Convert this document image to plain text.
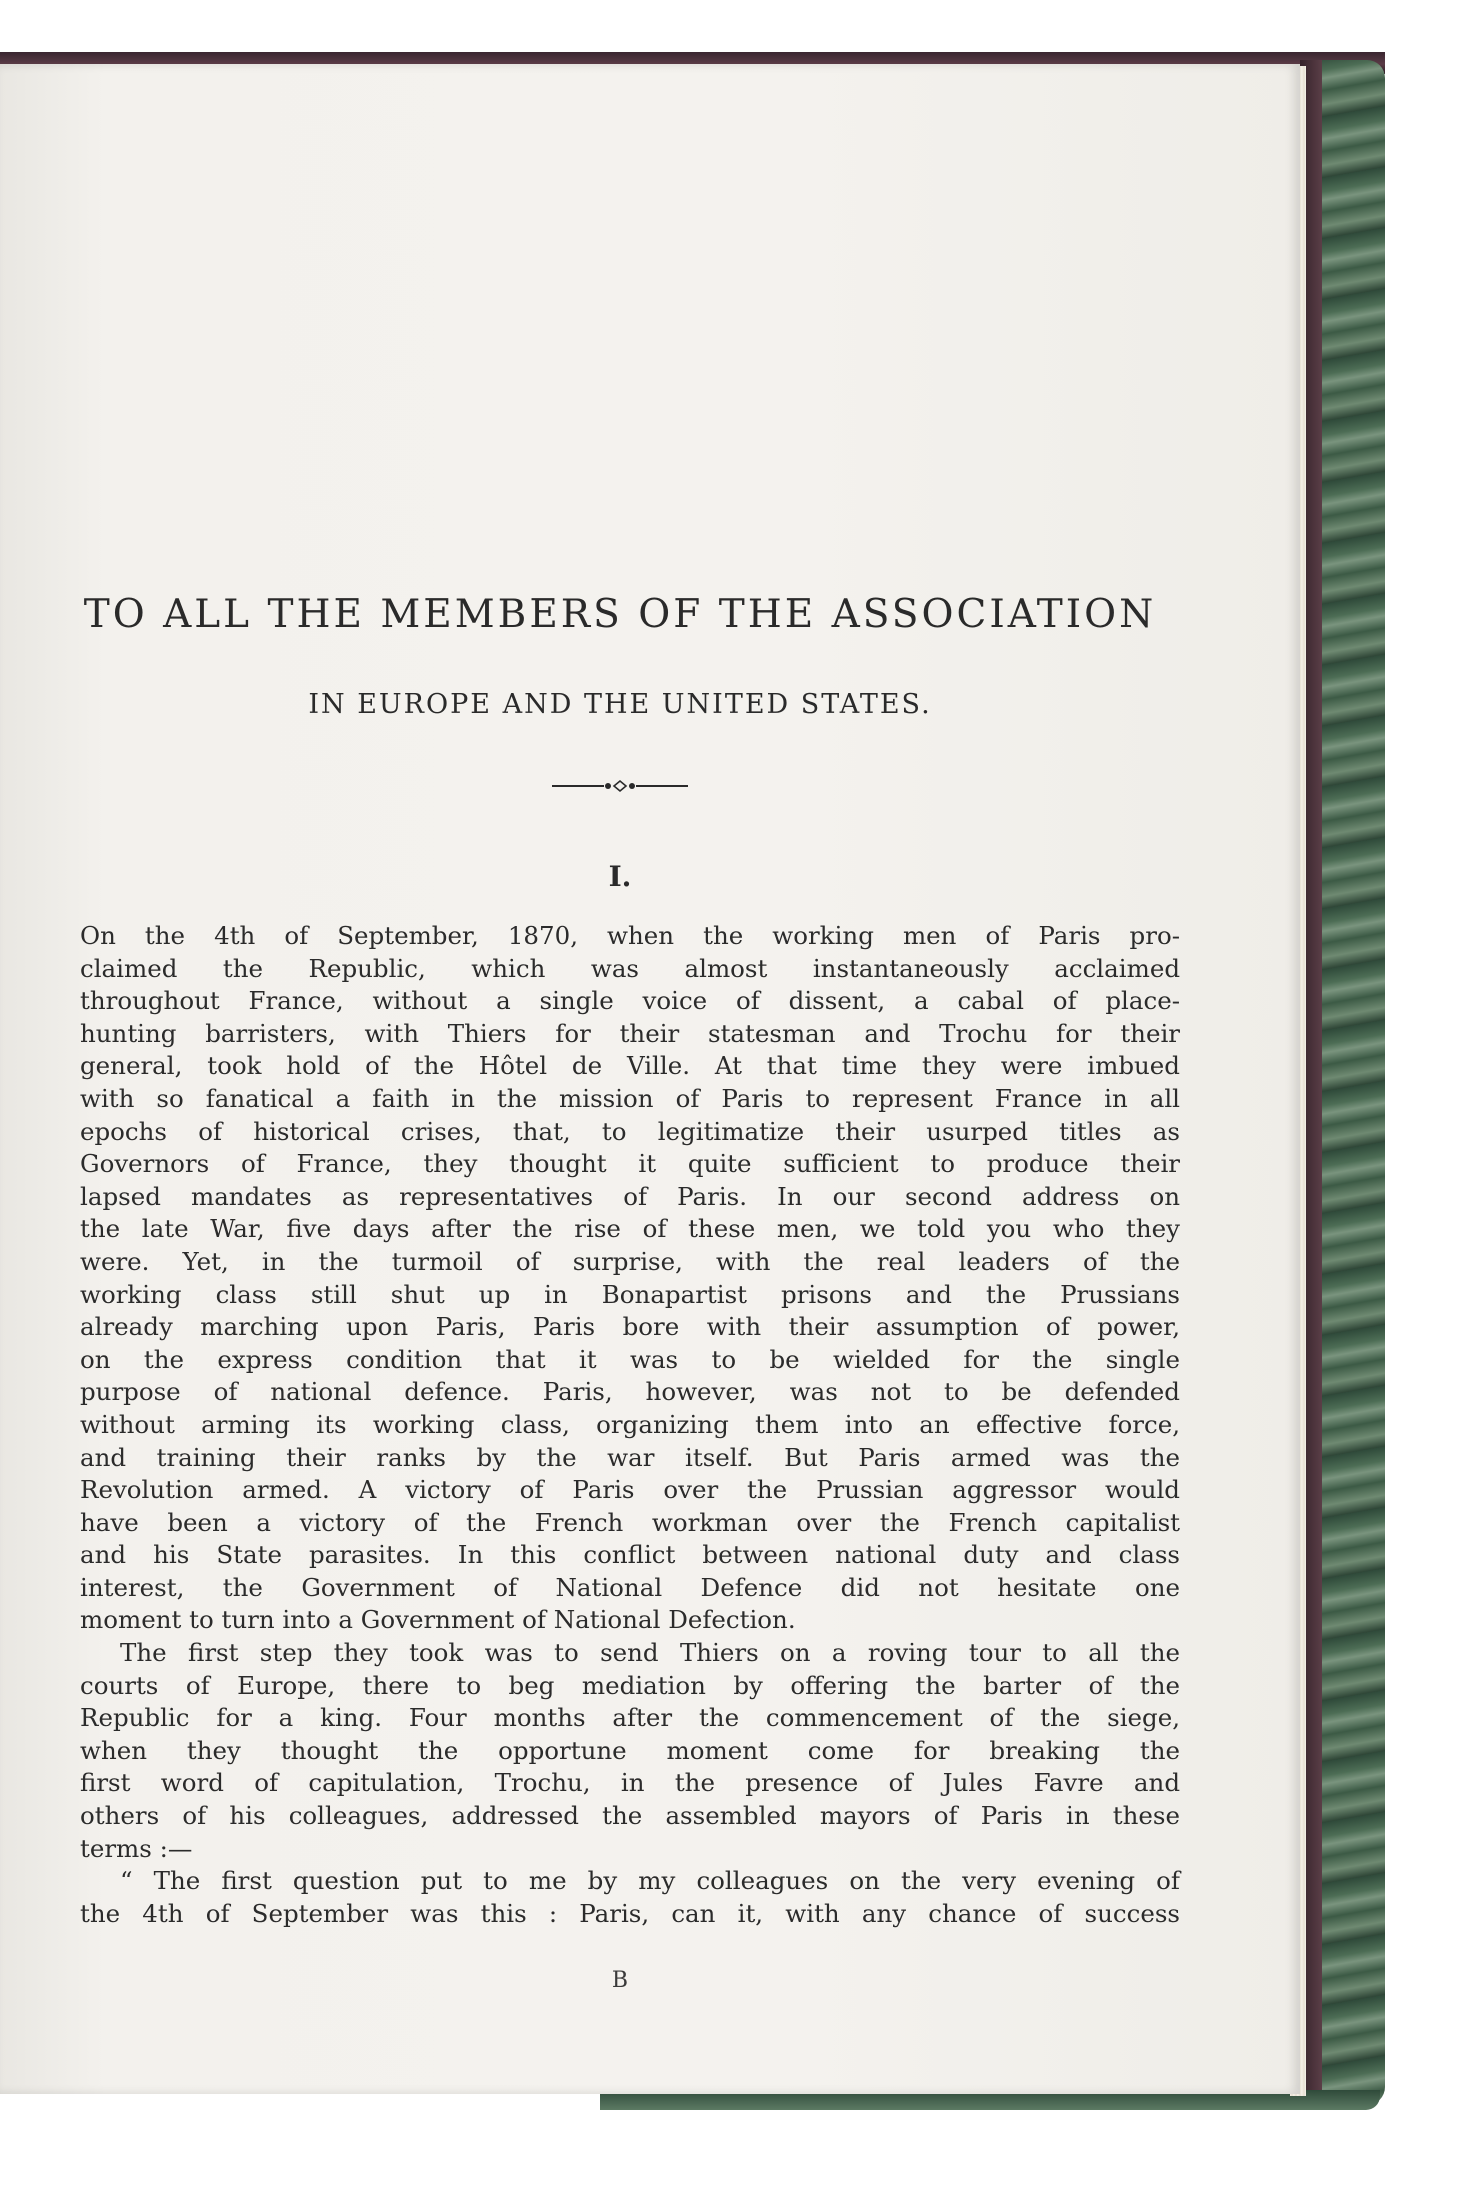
TO ALL THE MEMBERS OF THE ASSOCIATION
IN EUROPE AND THE UNITED STATES.
I.
On the 4th of September, 1870, when the working men of Paris pro-
claimed the Republic, which was almost instantaneously acclaimed
throughout France, without a single voice of dissent, a cabal of place-
hunting barristers, with Thiers for their statesman and Trochu for their
general, took hold of the Hôtel de Ville. At that time they were imbued
with so fanatical a faith in the mission of Paris to represent France in all
epochs of historical crises, that, to legitimatize their usurped titles as
Governors of France, they thought it quite sufficient to produce their
lapsed mandates as representatives of Paris. In our second address on
the late War, five days after the rise of these men, we told you who they
were. Yet, in the turmoil of surprise, with the real leaders of the
working class still shut up in Bonapartist prisons and the Prussians
already marching upon Paris, Paris bore with their assumption of power,
on the express condition that it was to be wielded for the single
purpose of national defence. Paris, however, was not to be defended
without arming its working class, organizing them into an effective force,
and training their ranks by the war itself. But Paris armed was the
Revolution armed. A victory of Paris over the Prussian aggressor would
have been a victory of the French workman over the French capitalist
and his State parasites. In this conflict between national duty and class
interest, the Government of National Defence did not hesitate one
moment to turn into a Government of National Defection.
The first step they took was to send Thiers on a roving tour to all the
courts of Europe, there to beg mediation by offering the barter of the
Republic for a king. Four months after the commencement of the siege,
when they thought the opportune moment come for breaking the
first word of capitulation, Trochu, in the presence of Jules Favre and
others of his colleagues, addressed the assembled mayors of Paris in these
terms :—
“ The first question put to me by my colleagues on the very evening of
the 4th of September was this : Paris, can it, with any chance of success
B
